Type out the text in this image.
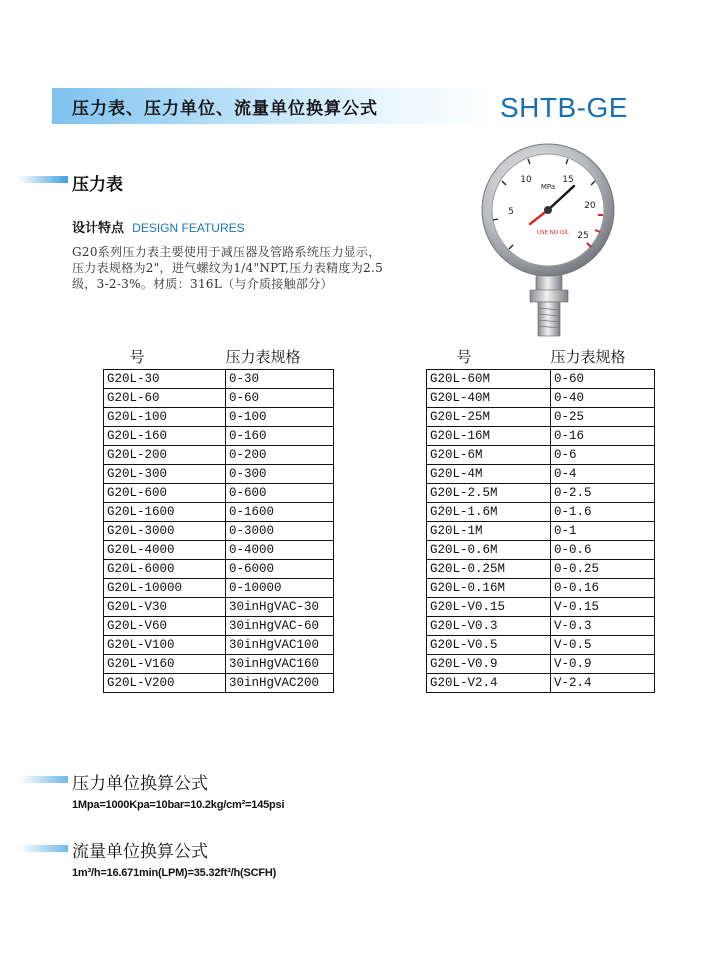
压力表、压力单位、流量单位换算公式	SHTB-GE
压力表
设计特点 DESIGN FEATURES
G20系列压力表主要使用于减压器及管路系统压力显示，压力表规格为2"，进气螺纹为1/4"NPT,压力表精度为2.5级，3-2-3%。材质：316L（与介质接触部分）
5
10	15
20
25
MPa
USE NO OIL
号	压力表规格
G20L-30	0-30
G20L-60	0-60
G20L-100	0-100
G20L-160	0-160
G20L-200	0-200
G20L-300	0-300
G20L-600	0-600
G20L-1600	0-1600
G20L-3000	0-3000
G20L-4000	0-4000
G20L-6000	0-6000
G20L-10000	0-10000
G20L-V30	30inHgVAC-30
G20L-V60	30inHgVAC-60
G20L-V100	30inHgVAC100
G20L-V160	30inHgVAC160
G20L-V200	30inHgVAC200
号	压力表规格
G20L-60M	0-60
G20L-40M	0-40
G20L-25M	0-25
G20L-16M	0-16
G20L-6M	0-6
G20L-4M	0-4
G20L-2.5M	0-2.5
G20L-1.6M	0-1.6
G20L-1M	0-1
G20L-0.6M	0-0.6
G20L-0.25M	0-0.25
G20L-0.16M	0-0.16
G20L-V0.15	V-0.15
G20L-V0.3	V-0.3
G20L-V0.5	V-0.5
G20L-V0.9	V-0.9
G20L-V2.4	V-2.4
压力单位换算公式
1Mpa=1000Kpa=10bar=10.2kg/cm²=145psi
流量单位换算公式
1m³/h=16.671min(LPM)=35.32ft³/h(SCFH)
